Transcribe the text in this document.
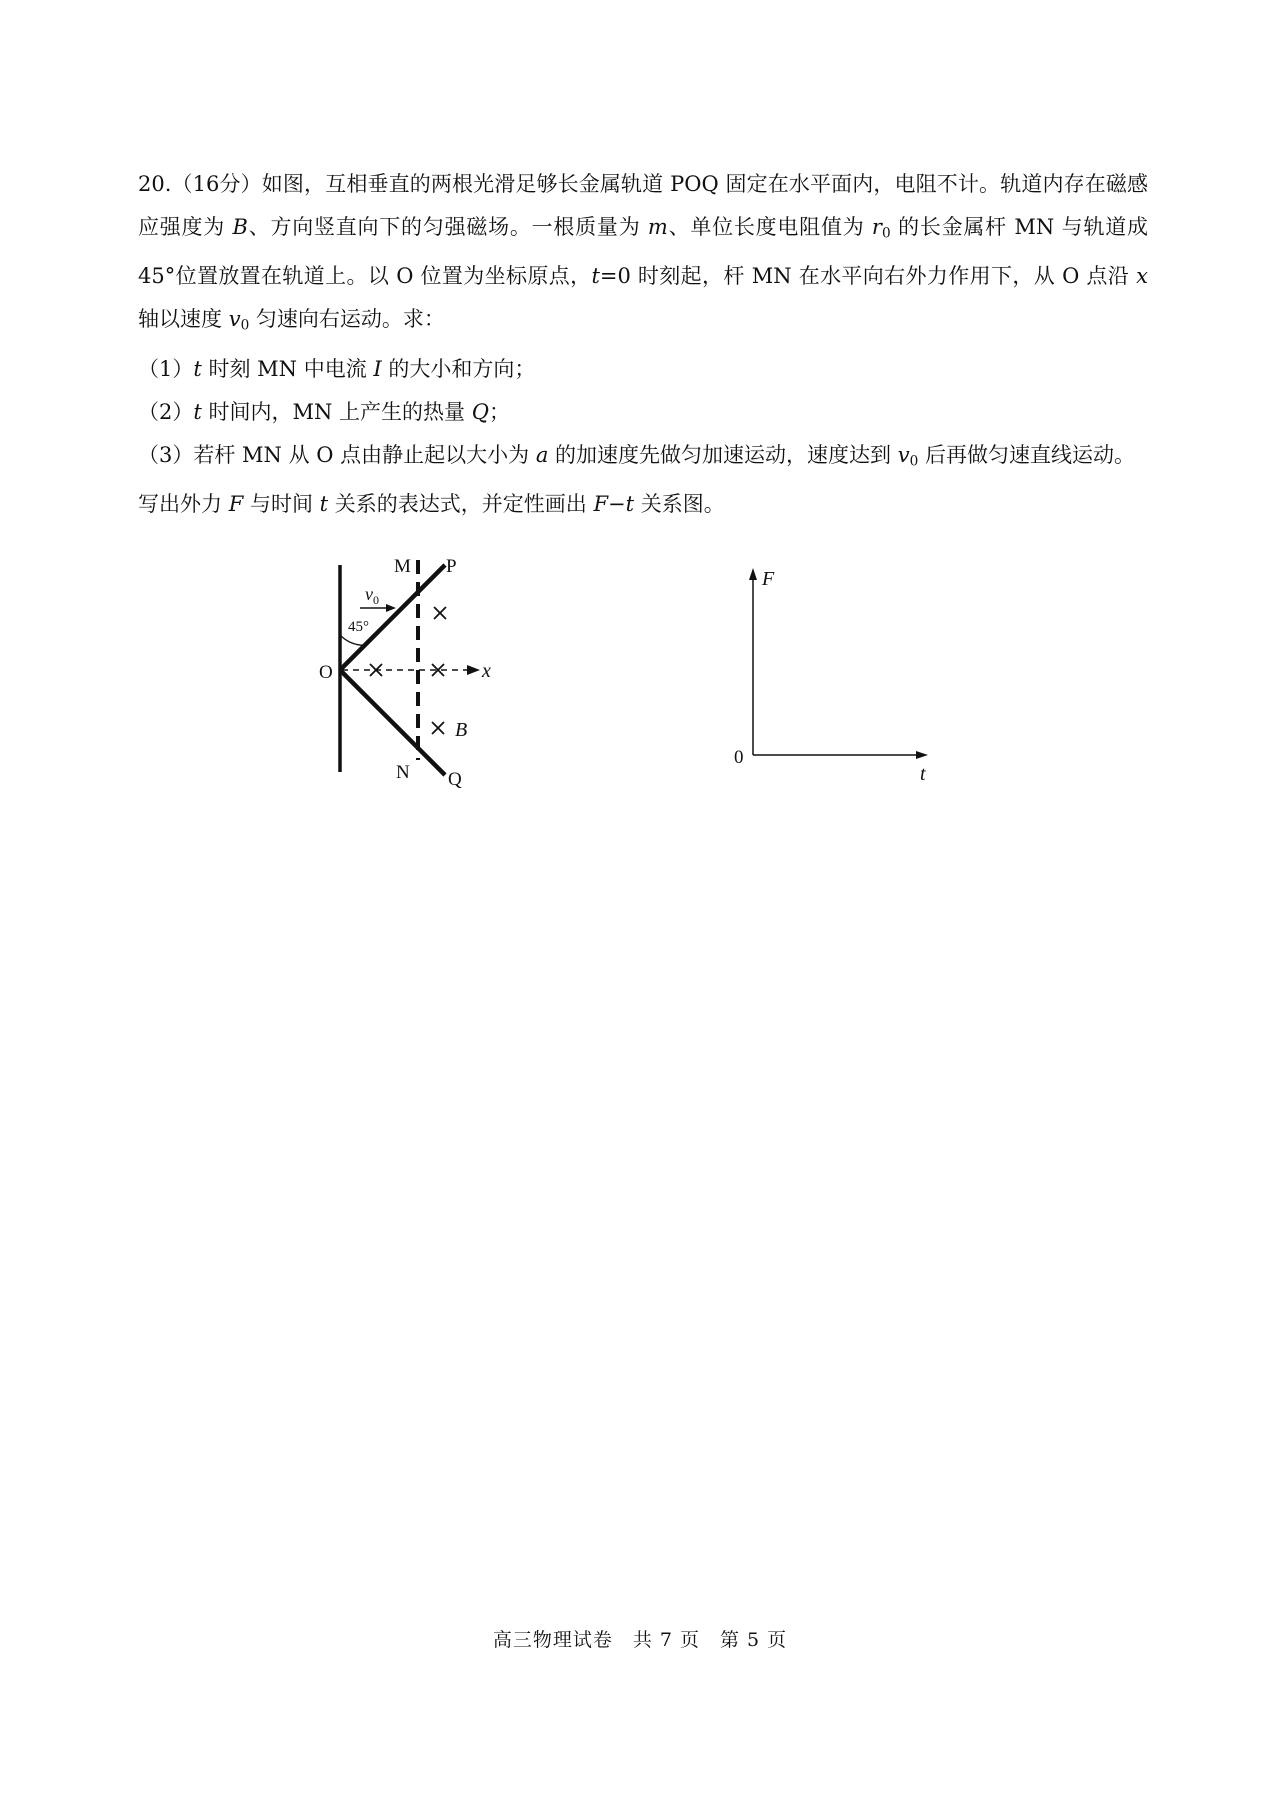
20.（16分）如图，互相垂直的两根光滑足够长金属轨道 POQ 固定在水平面内，电阻不计。轨道内存在磁感应强度为 B、方向竖直向下的匀强磁场。一根质量为 m、单位长度电阻值为 $r_0$ 的长金属杆 MN 与轨道成 45°位置放置在轨道上。以 O 位置为坐标原点，t=0 时刻起，杆 MN 在水平向右外力作用下，从 O 点沿 x 轴以速度 $v_0$ 匀速向右运动。求：

（1）t 时刻 MN 中电流 I 的大小和方向；

（2）t 时间内，MN 上产生的热量 Q；

（3）若杆 MN 从 O 点由静止起以大小为 a 的加速度先做匀加速运动，速度达到 $v_0$ 后再做匀速直线运动。写出外力 F 与时间 t 关系的表达式，并定性画出 F−t 关系图。

M P
O
N Q
x
B
$v_0$
45°
F
t
0
高三物理试卷　共 7 页　第 5 页
